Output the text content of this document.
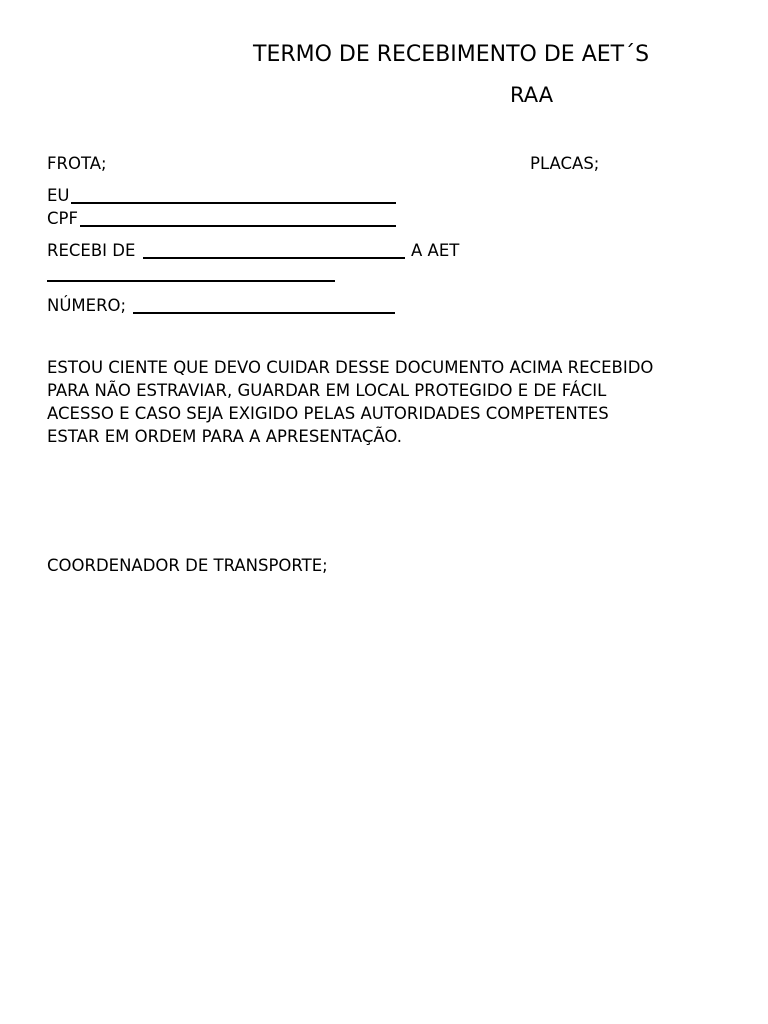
TERMO DE RECEBIMENTO DE AET´S
RAA
FROTA;	PLACAS;
EU
CPF
RECEBI DE	A AET
NÚMERO;
ESTOU CIENTE QUE DEVO CUIDAR DESSE DOCUMENTO ACIMA RECEBIDO
PARA NÃO ESTRAVIAR, GUARDAR EM LOCAL PROTEGIDO E DE FÁCIL
ACESSO E CASO SEJA EXIGIDO PELAS AUTORIDADES COMPETENTES
ESTAR EM ORDEM PARA A APRESENTAÇÃO.
COORDENADOR DE TRANSPORTE;
